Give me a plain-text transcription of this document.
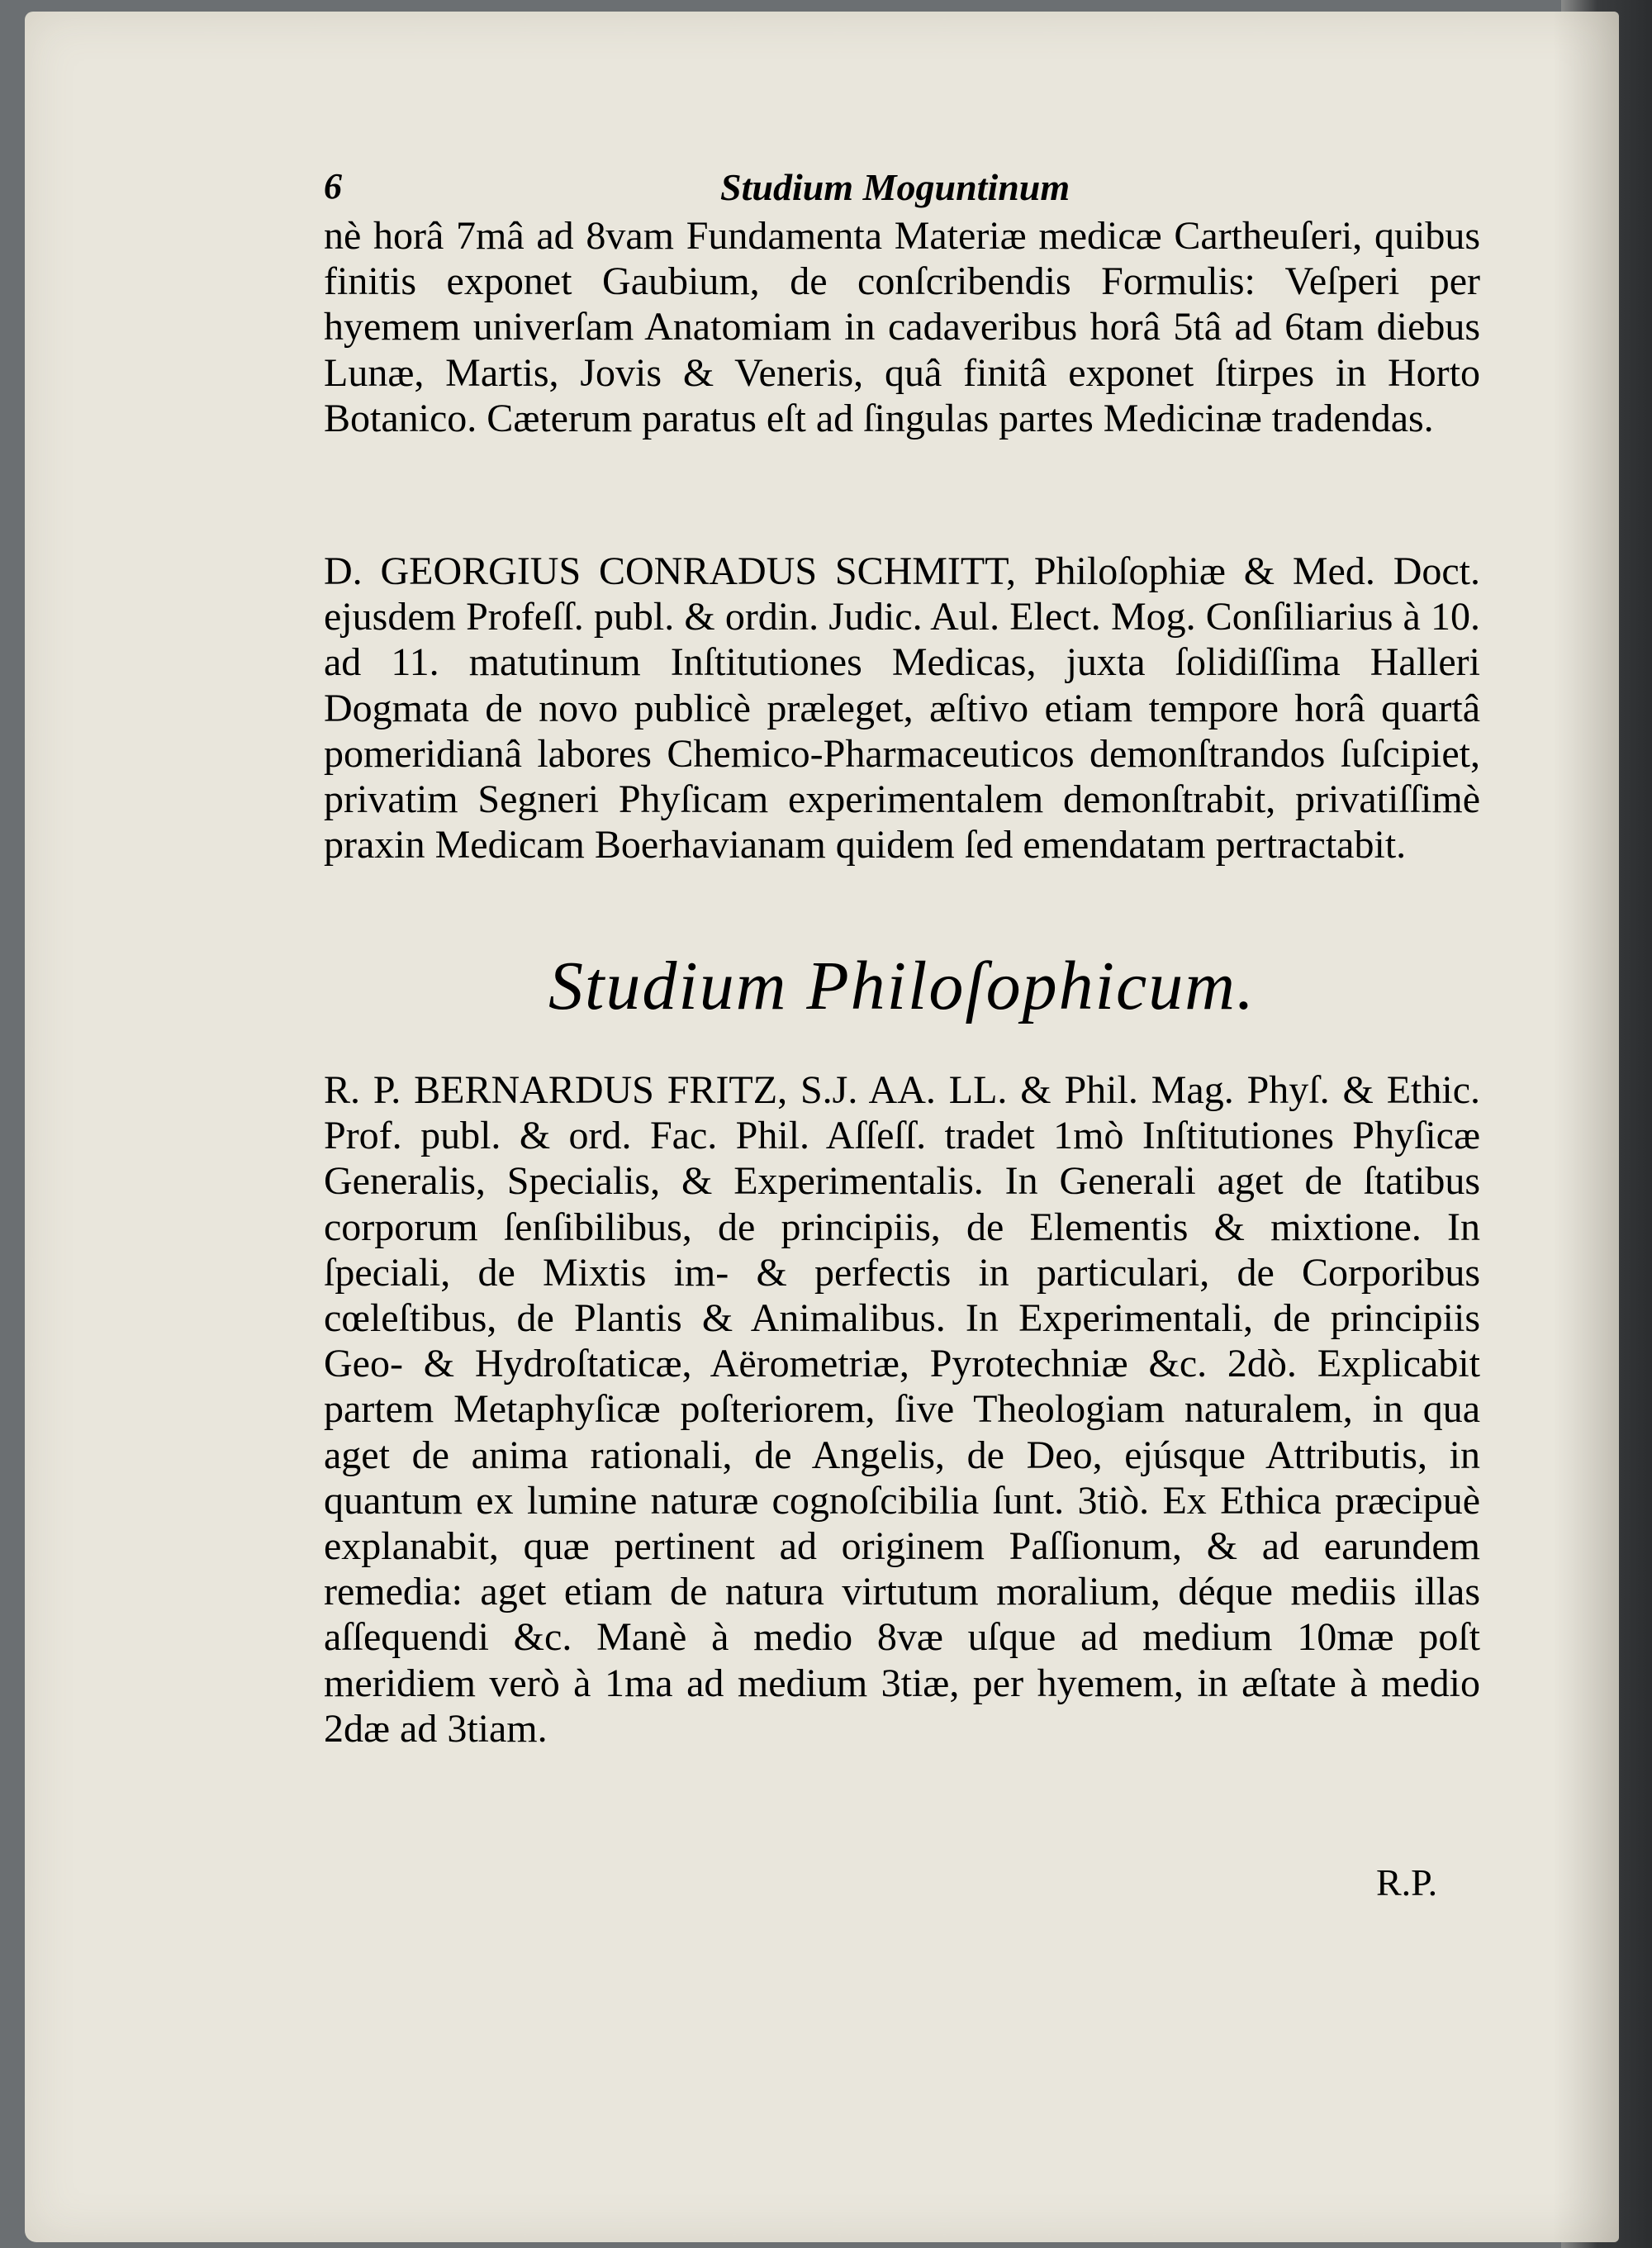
6	Studium Moguntinum

nè horâ 7mâ ad 8vam Fundamenta Materiæ medicæ Cartheuſeri, quibus finitis exponet Gaubium, de conſcribendis Formulis: Veſperi per hyemem univerſam Anatomiam in cadaveribus horâ 5tâ ad 6tam diebus Lunæ, Martis, Jovis & Veneris, quâ finitâ exponet ſtirpes in Horto Botanico. Cæterum paratus eſt ad ſingulas partes Medicinæ tradendas.

D. GEORGIUS CONRADUS SCHMITT, Philoſophiæ & Med. Doct. ejusdem Profeſſ. publ. & ordin. Judic. Aul. Elect. Mog. Conſiliarius à 10. ad 11. matutinum Inſtitutiones Medicas, juxta ſolidiſſima Halleri Dogmata de novo publicè præleget, æſtivo etiam tempore horâ quartâ pomeridianâ labores Chemico-Pharmaceuticos demonſtrandos ſuſcipiet, privatim Segneri Phyſicam experimentalem demonſtrabit, privatiſſimè praxin Medicam Boerhavianam quidem ſed emendatam pertractabit.

Studium Philoſophicum.

R. P. BERNARDUS FRITZ, S.J. AA. LL. & Phil. Mag. Phyſ. & Ethic. Prof. publ. & ord. Fac. Phil. Aſſeſſ. tradet 1mò Inſtitutiones Phyſicæ Generalis, Specialis, & Experimentalis. In Generali aget de ſtatibus corporum ſenſibilibus, de principiis, de Elementis & mixtione. In ſpeciali, de Mixtis im- & perfectis in particulari, de Corporibus cœleſtibus, de Plantis & Animalibus. In Experimentali, de principiis Geo- & Hydroſtaticæ, Aërometriæ, Pyrotechniæ &c. 2dò. Explicabit partem Metaphyſicæ poſteriorem, ſive Theologiam naturalem, in qua aget de anima rationali, de Angelis, de Deo, ejúsque Attributis, in quantum ex lumine naturæ cognoſcibilia ſunt. 3tiò. Ex Ethica præcipuè explanabit, quæ pertinent ad originem Paſſionum, & ad earundem remedia: aget etiam de natura virtutum moralium, déque mediis illas aſſequendi &c. Manè à medio 8væ uſque ad medium 10mæ poſt meridiem verò à 1ma ad medium 3tiæ, per hyemem, in æſtate à medio 2dæ ad 3tiam.

R.P.
